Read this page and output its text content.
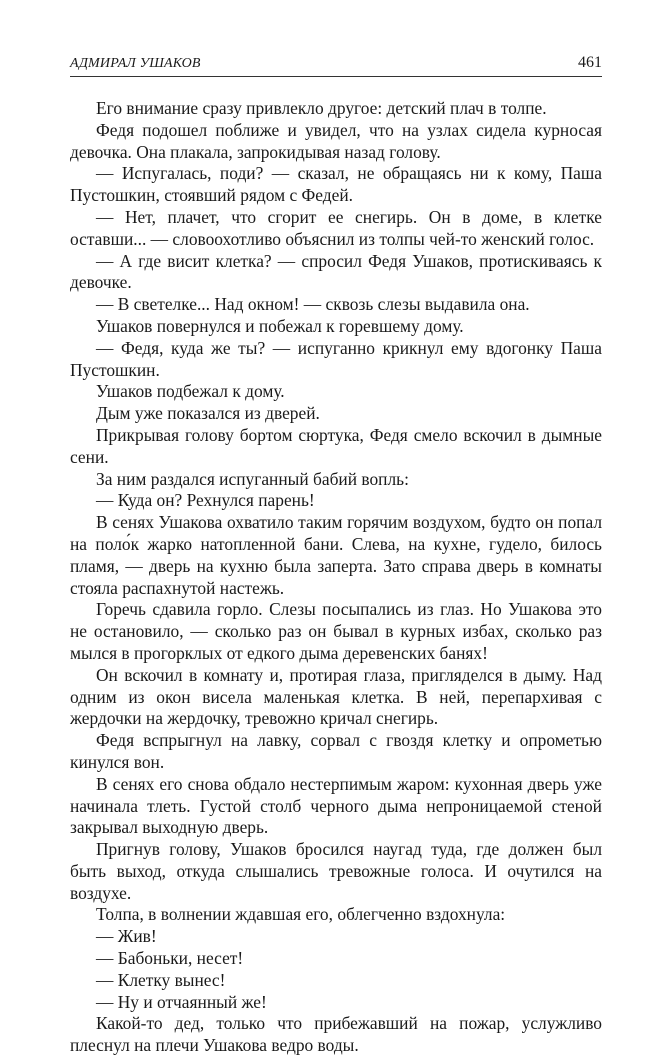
АДМИРАЛ УШАКОВ	461

Его внимание сразу привлекло другое: детский плач в толпе.

Федя подошел поближе и увидел, что на узлах сидела курносая девочка. Она плакала, запрокидывая назад голову.

— Испугалась, поди? — сказал, не обращаясь ни к кому, Паша Пустошкин, стоявший рядом с Федей.

— Нет, плачет, что сгорит ее снегирь. Он в доме, в клетке оставши... — словоохотливо объяснил из толпы чей-то женский голос.

— А где висит клетка? — спросил Федя Ушаков, протискиваясь к девочке.

— В светелке... Над окном! — сквозь слезы выдавила она.

Ушаков повернулся и побежал к горевшему дому.

— Федя, куда же ты? — испуганно крикнул ему вдогонку Паша Пустошкин.

Ушаков подбежал к дому.

Дым уже показался из дверей.

Прикрывая голову бортом сюртука, Федя смело вскочил в дымные сени.

За ним раздался испуганный бабий вопль:

— Куда он? Рехнулся парень!

В сенях Ушакова охватило таким горячим воздухом, будто он попал на поло́к жарко натопленной бани. Слева, на кухне, гудело, билось пламя, — дверь на кухню была заперта. Зато справа дверь в комнаты стояла распахнутой настежь.

Горечь сдавила горло. Слезы посыпались из глаз. Но Ушакова это не остановило, — сколько раз он бывал в курных избах, сколько раз мылся в прогорклых от едкого дыма деревенских банях!

Он вскочил в комнату и, протирая глаза, пригляделся в дыму. Над одним из окон висела маленькая клетка. В ней, перепархивая с жердочки на жердочку, тревожно кричал снегирь.

Федя вспрыгнул на лавку, сорвал с гвоздя клетку и опрометью кинулся вон.

В сенях его снова обдало нестерпимым жаром: кухонная дверь уже начинала тлеть. Густой столб черного дыма непроницаемой стеной закрывал выходную дверь.

Пригнув голову, Ушаков бросился наугад туда, где должен был быть выход, откуда слышались тревожные голоса. И очутился на воздухе.

Толпа, в волнении ждавшая его, облегченно вздохнула:

— Жив!

— Бабоньки, несет!

— Клетку вынес!

— Ну и отчаянный же!

Какой-то дед, только что прибежавший на пожар, услужливо плеснул на плечи Ушакова ведро воды.
